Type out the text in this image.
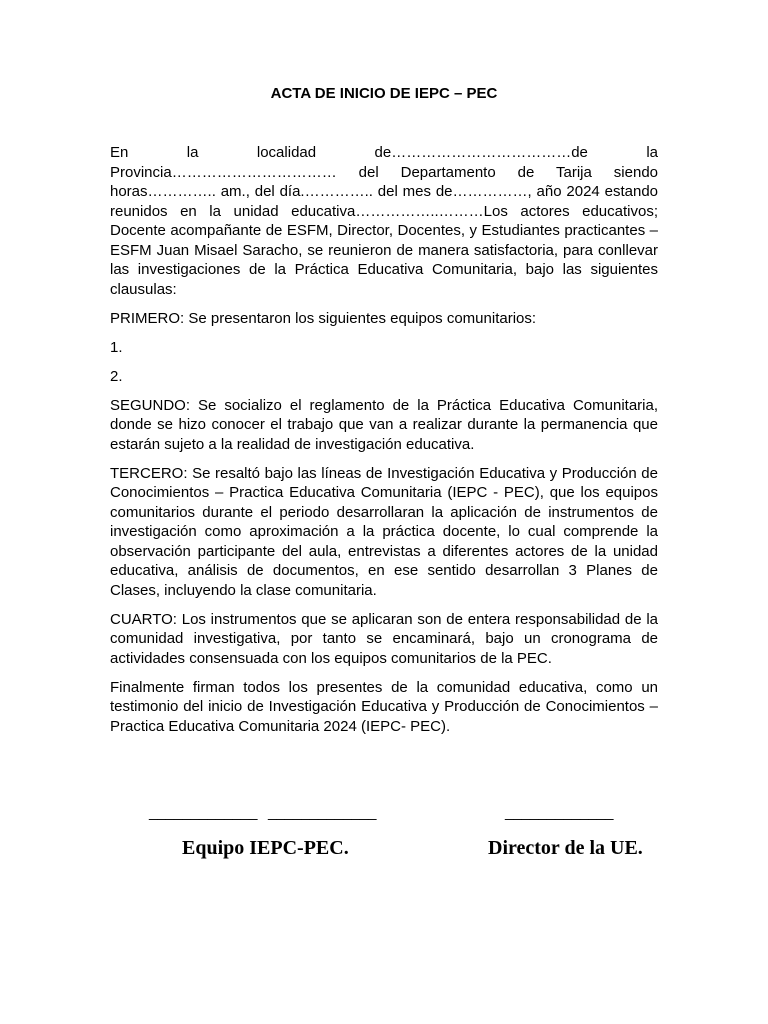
ACTA DE INICIO DE IEPC – PEC

En la localidad de………………………………de la Provincia…………………………… del Departamento de Tarija siendo horas………….. am., del día.………….. del mes de……………, año 2024 estando reunidos en la unidad educativa……………..………Los actores educativos; Docente acompañante de ESFM, Director, Docentes, y Estudiantes practicantes – ESFM Juan Misael Saracho, se reunieron de manera satisfactoria, para conllevar las investigaciones de la Práctica Educativa Comunitaria, bajo las siguientes clausulas:

PRIMERO: Se presentaron los siguientes equipos comunitarios:

1.

2.

SEGUNDO: Se socializo el reglamento de la Práctica Educativa Comunitaria, donde se hizo conocer el trabajo que van a realizar durante la permanencia que estarán sujeto a la realidad de investigación educativa.

TERCERO: Se resaltó bajo las líneas de Investigación Educativa y Producción de Conocimientos – Practica Educativa Comunitaria (IEPC - PEC), que los equipos comunitarios durante el periodo desarrollaran la aplicación de instrumentos de investigación como aproximación a la práctica docente, lo cual comprende la observación participante del aula, entrevistas a diferentes actores de la unidad educativa, análisis de documentos, en ese sentido desarrollan 3 Planes de Clases, incluyendo la clase comunitaria.

CUARTO: Los instrumentos que se aplicaran son de entera responsabilidad de la comunidad investigativa, por tanto se encaminará, bajo un cronograma de actividades consensuada con los equipos comunitarios de la PEC.

Finalmente firman todos los presentes de la comunidad educativa, como un testimonio del inicio de Investigación Educativa y Producción de Conocimientos – Practica Educativa Comunitaria 2024 (IEPC- PEC).

_____________ _____________	_____________
Equipo IEPC-PEC.	Director de la UE.
